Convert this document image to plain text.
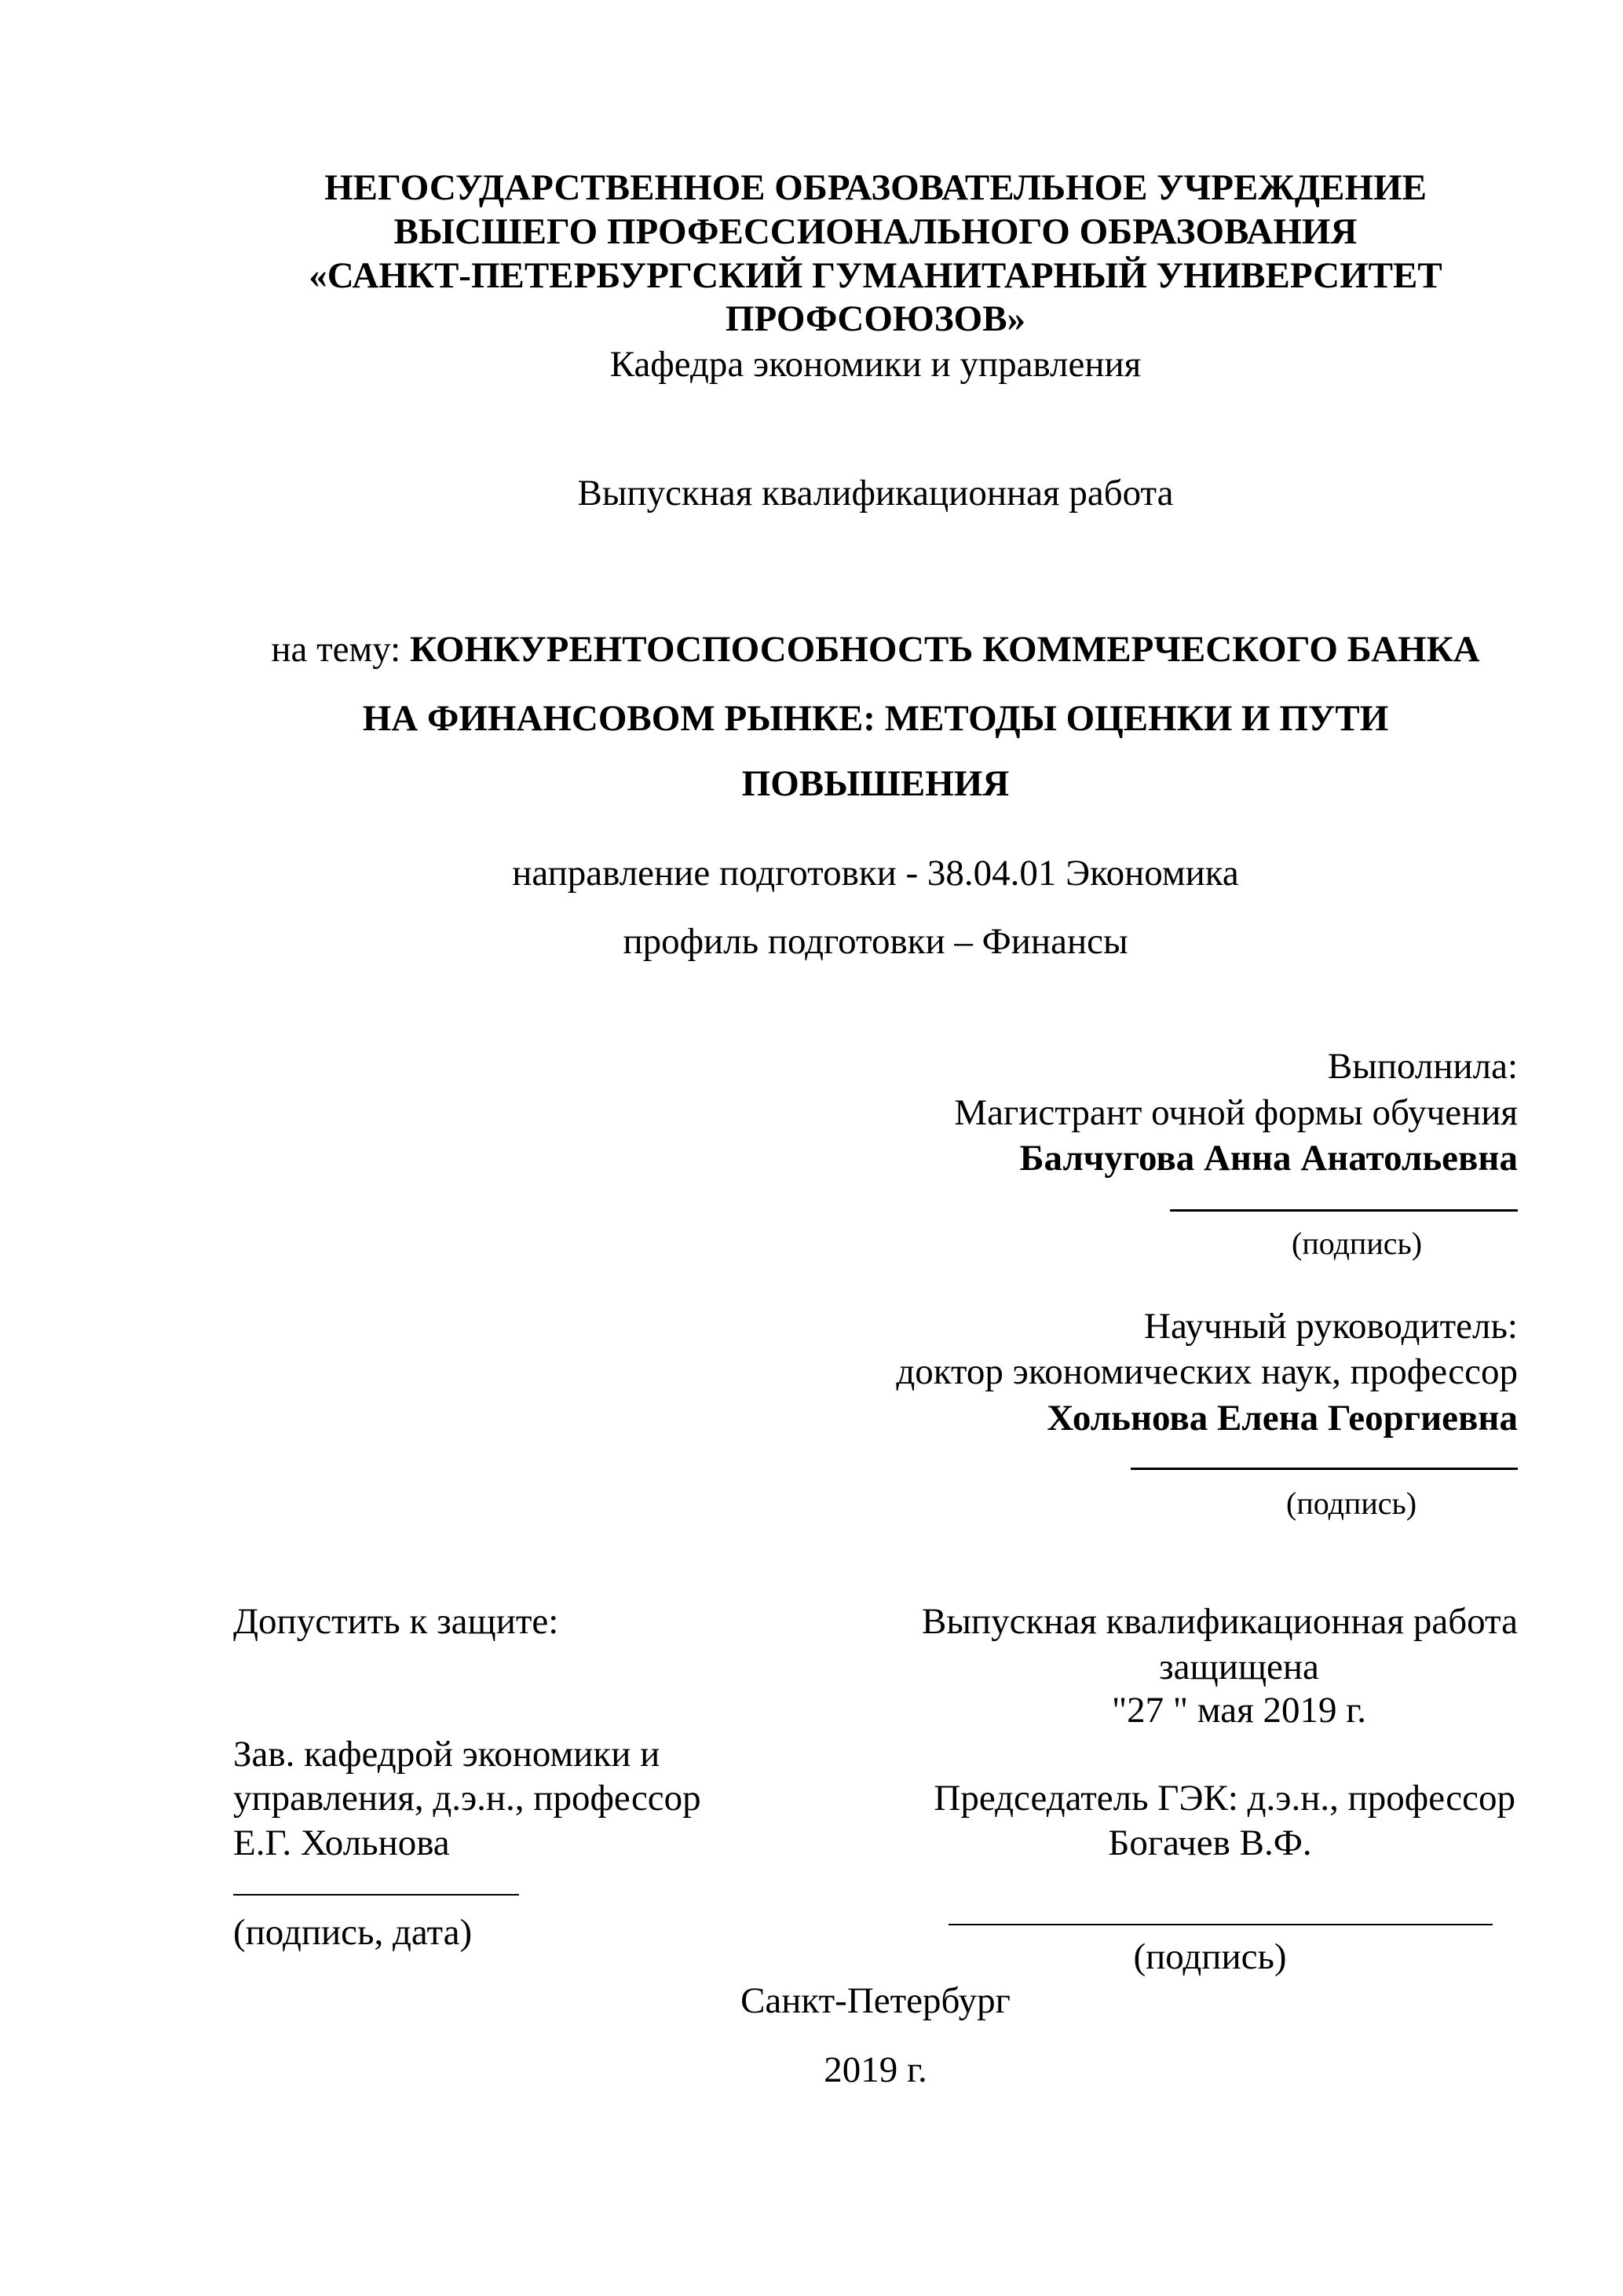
НЕГОСУДАРСТВЕННОЕ ОБРАЗОВАТЕЛЬНОЕ УЧРЕЖДЕНИЕ
ВЫСШЕГО ПРОФЕССИОНАЛЬНОГО ОБРАЗОВАНИЯ
«САНКТ-ПЕТЕРБУРГСКИЙ ГУМАНИТАРНЫЙ УНИВЕРСИТЕТ
ПРОФСОЮЗОВ»
Кафедра экономики и управления
Выпускная квалификационная работа
на тему: КОНКУРЕНТОСПОСОБНОСТЬ КОММЕРЧЕСКОГО БАНКА
НА ФИНАНСОВОМ РЫНКЕ: МЕТОДЫ ОЦЕНКИ И ПУТИ
ПОВЫШЕНИЯ
направление подготовки - 38.04.01 Экономика
профиль подготовки – Финансы
Выполнила:
Магистрант очной формы обучения
Балчугова Анна Анатольевна
(подпись)
Научный руководитель:
доктор экономических наук, профессор
Хольнова Елена Георгиевна
(подпись)
Допустить к защите:
Зав. кафедрой экономики и
управления, д.э.н., профессор
Е.Г. Хольнова
(подпись, дата)
Выпускная квалификационная работа
защищена
"27 " мая 2019 г.
Председатель ГЭК: д.э.н., профессор
Богачев В.Ф.
(подпись)
Санкт-Петербург
2019 г.
